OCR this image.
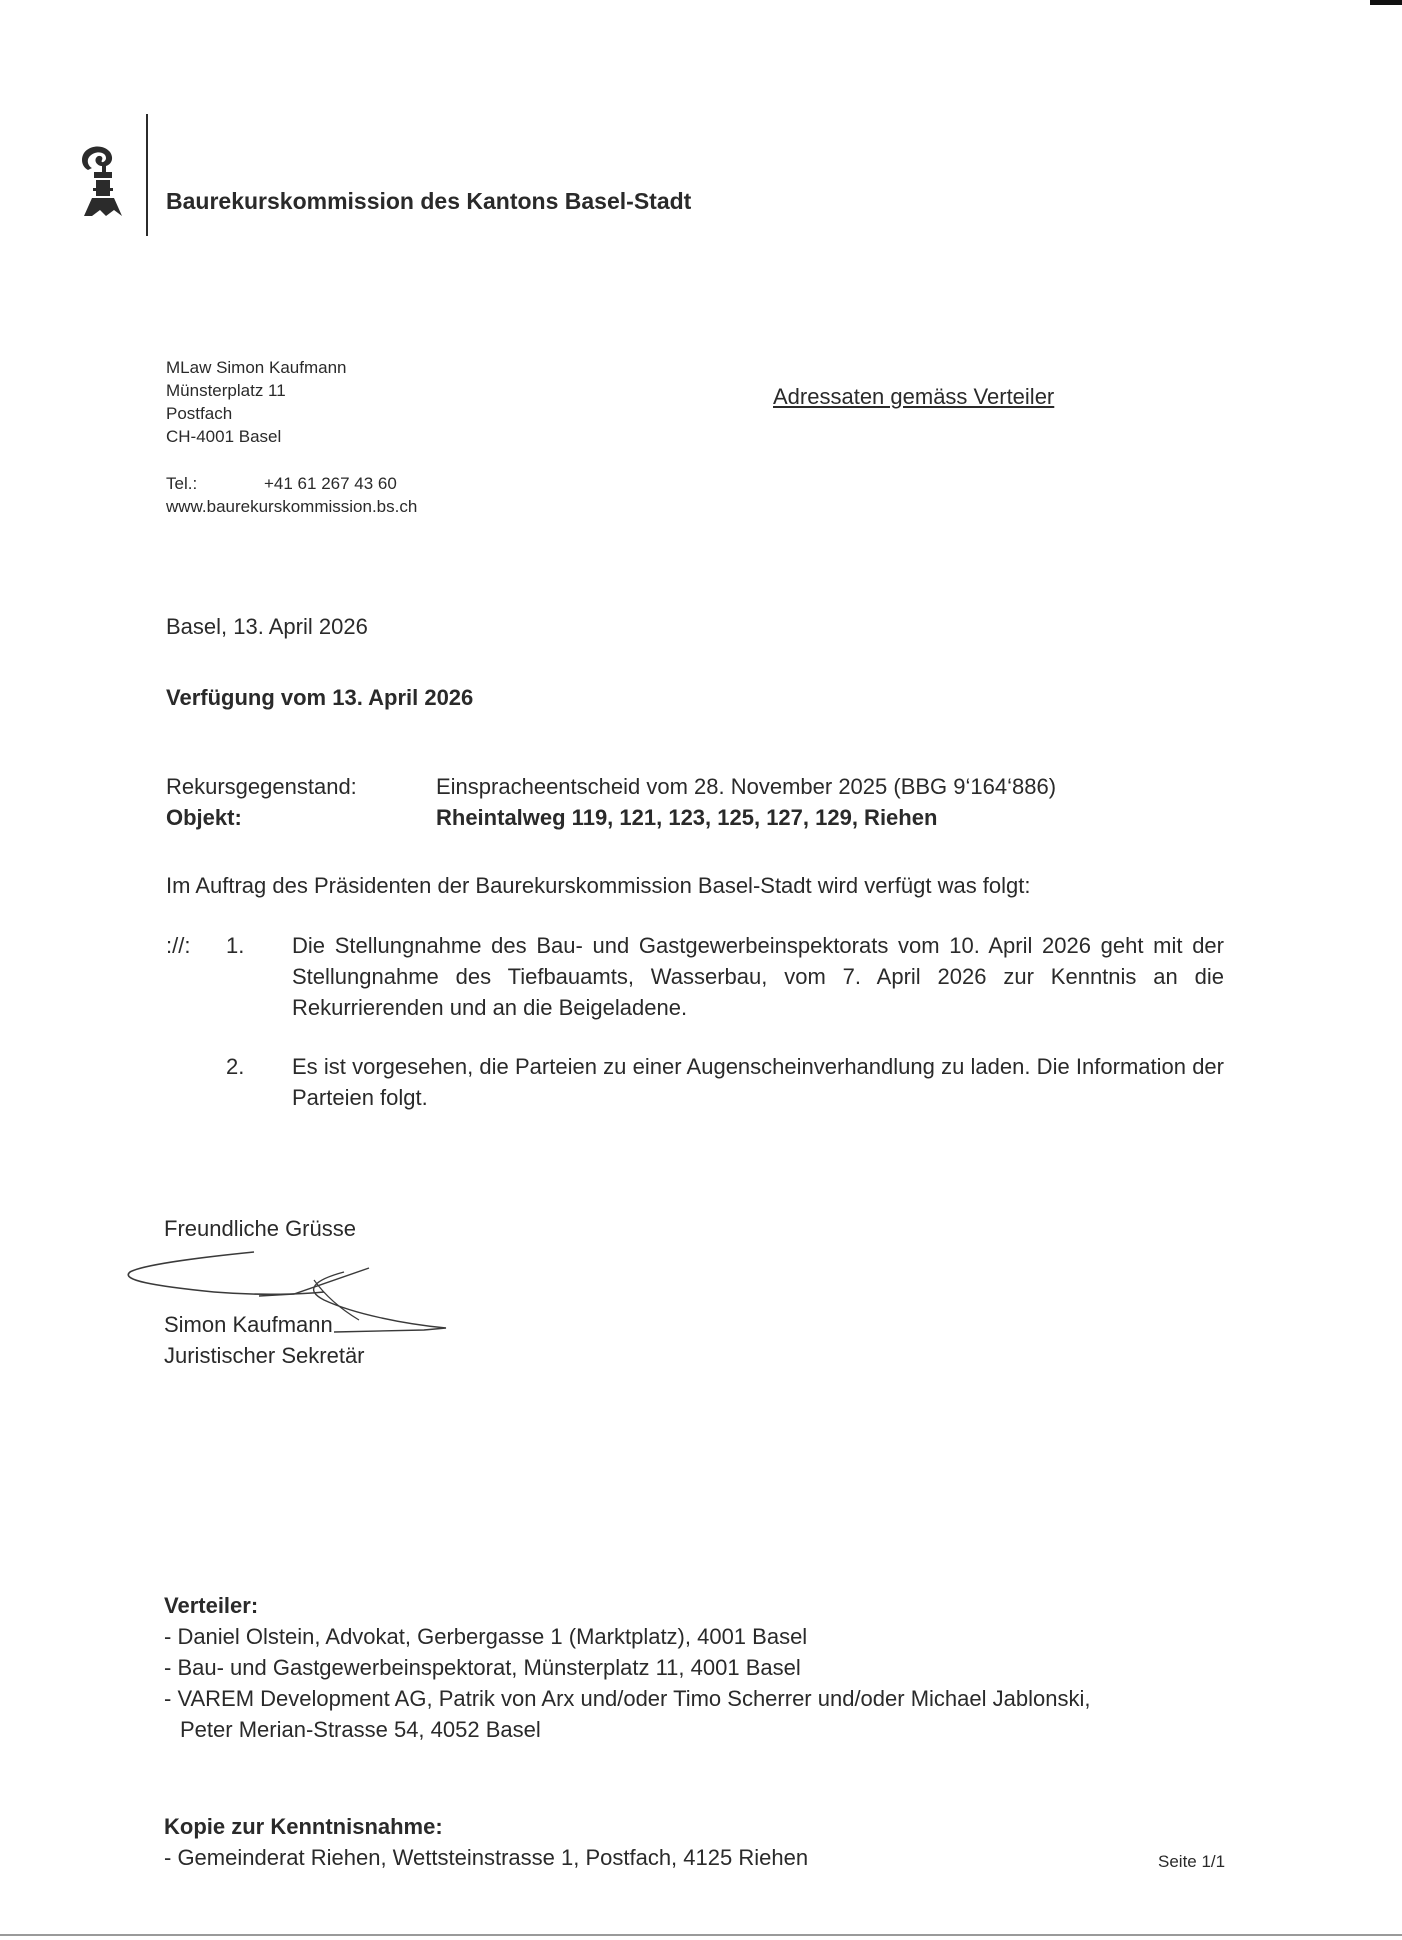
Baurekurskommission des Kantons Basel-Stadt
MLaw Simon Kaufmann
Münsterplatz 11
Postfach
CH-4001 Basel
Tel.:	+41 61 267 43 60
www.baurekurskommission.bs.ch
Adressaten gemäss Verteiler
Basel, 13. April 2026
Verfügung vom 13. April 2026
Rekursgegenstand:	Einspracheentscheid vom 28. November 2025 (BBG 9‘164‘886)
Objekt:	Rheintalweg 119, 121, 123, 125, 127, 129, Riehen
Im Auftrag des Präsidenten der Baurekurskommission Basel-Stadt wird verfügt was folgt:
://:	1.	Die Stellungnahme des Bau- und Gastgewerbeinspektorats vom 10. April 2026 geht mit der Stellungnahme des Tiefbauamts, Wasserbau, vom 7. April 2026 zur Kenntnis an die Rekurrierenden und an die Beigeladene.
2.	Es ist vorgesehen, die Parteien zu einer Augenscheinverhandlung zu laden. Die Information der Parteien folgt.
Freundliche Grüsse
Simon Kaufmann
Juristischer Sekretär
Verteiler:
- Daniel Olstein, Advokat, Gerbergasse 1 (Marktplatz), 4001 Basel
- Bau- und Gastgewerbeinspektorat, Münsterplatz 11, 4001 Basel
- VAREM Development AG, Patrik von Arx und/oder Timo Scherrer und/oder Michael Jablonski,
Peter Merian-Strasse 54, 4052 Basel
Kopie zur Kenntnisnahme:
- Gemeinderat Riehen, Wettsteinstrasse 1, Postfach, 4125 Riehen	Seite 1/1
